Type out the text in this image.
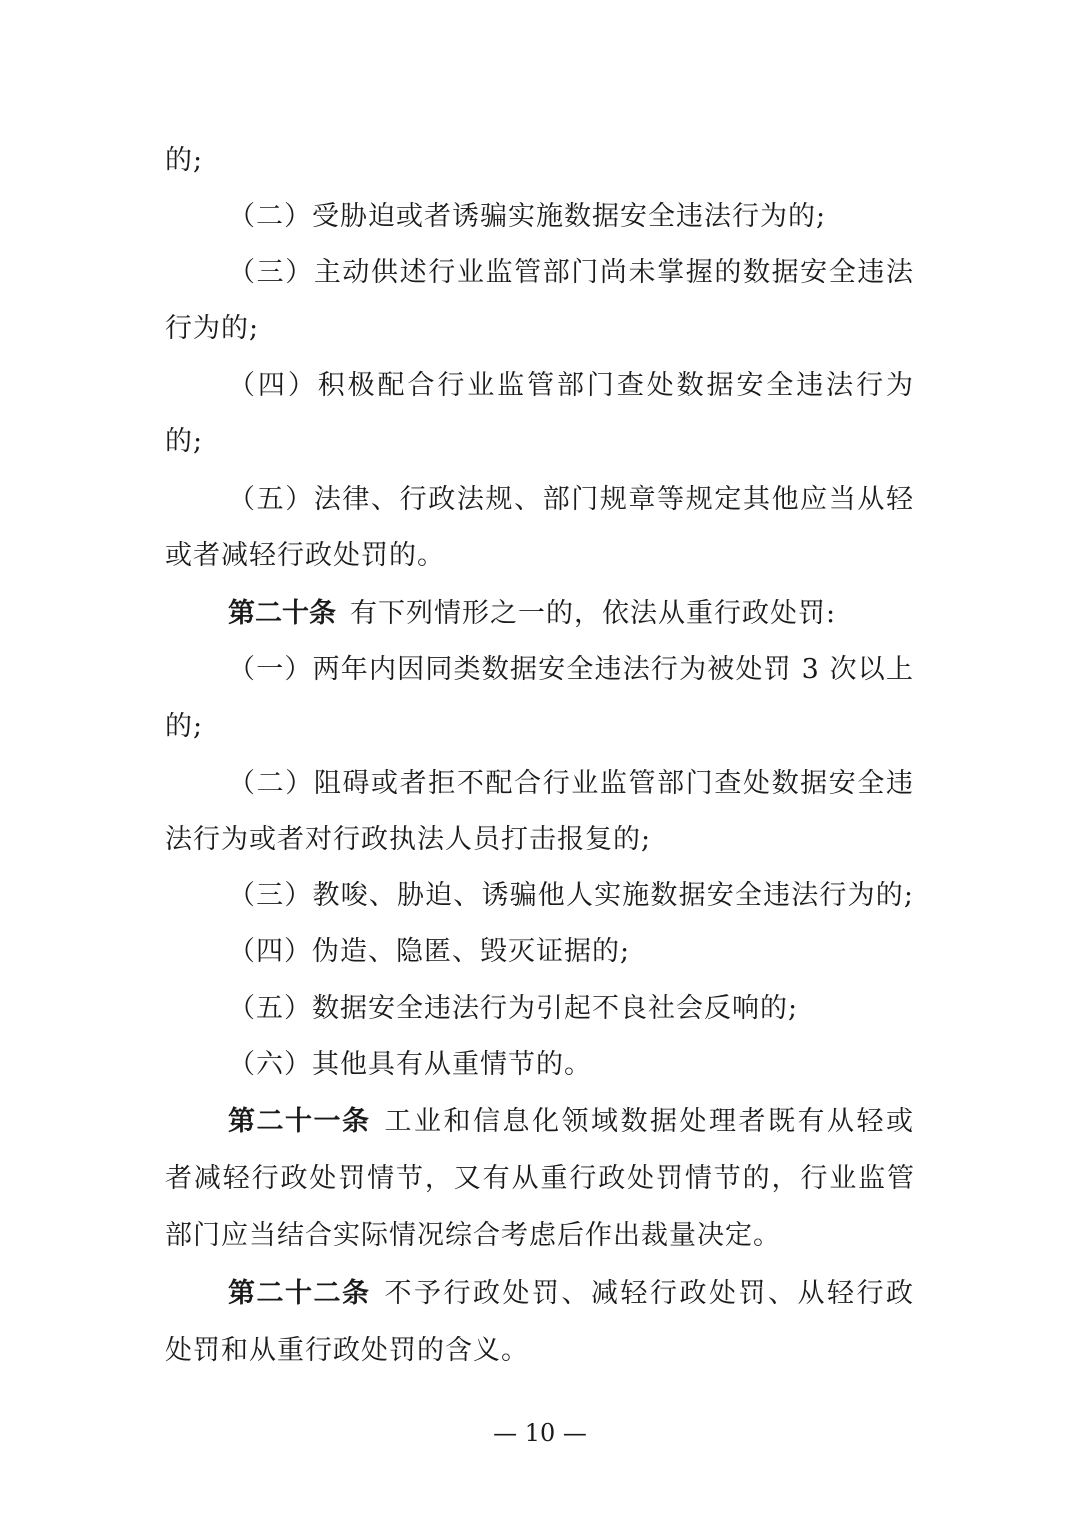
的;

（二）受胁迫或者诱骗实施数据安全违法行为的;

（三）主动供述行业监管部门尚未掌握的数据安全违法

行为的;

（四）积极配合行业监管部门查处数据安全违法行为

的;

（五）法律、行政法规、部门规章等规定其他应当从轻

或者减轻行政处罚的。

第二十条 有下列情形之一的，依法从重行政处罚:

（一）两年内因同类数据安全违法行为被处罚 3 次以上

的;

（二）阻碍或者拒不配合行业监管部门查处数据安全违

法行为或者对行政执法人员打击报复的;

（三）教唆、胁迫、诱骗他人实施数据安全违法行为的;

（四）伪造、隐匿、毁灭证据的;

（五）数据安全违法行为引起不良社会反响的;

（六）其他具有从重情节的。

第二十一条 工业和信息化领域数据处理者既有从轻或

者减轻行政处罚情节，又有从重行政处罚情节的，行业监管

部门应当结合实际情况综合考虑后作出裁量决定。

第二十二条 不予行政处罚、减轻行政处罚、从轻行政

处罚和从重行政处罚的含义。

— 10 —
